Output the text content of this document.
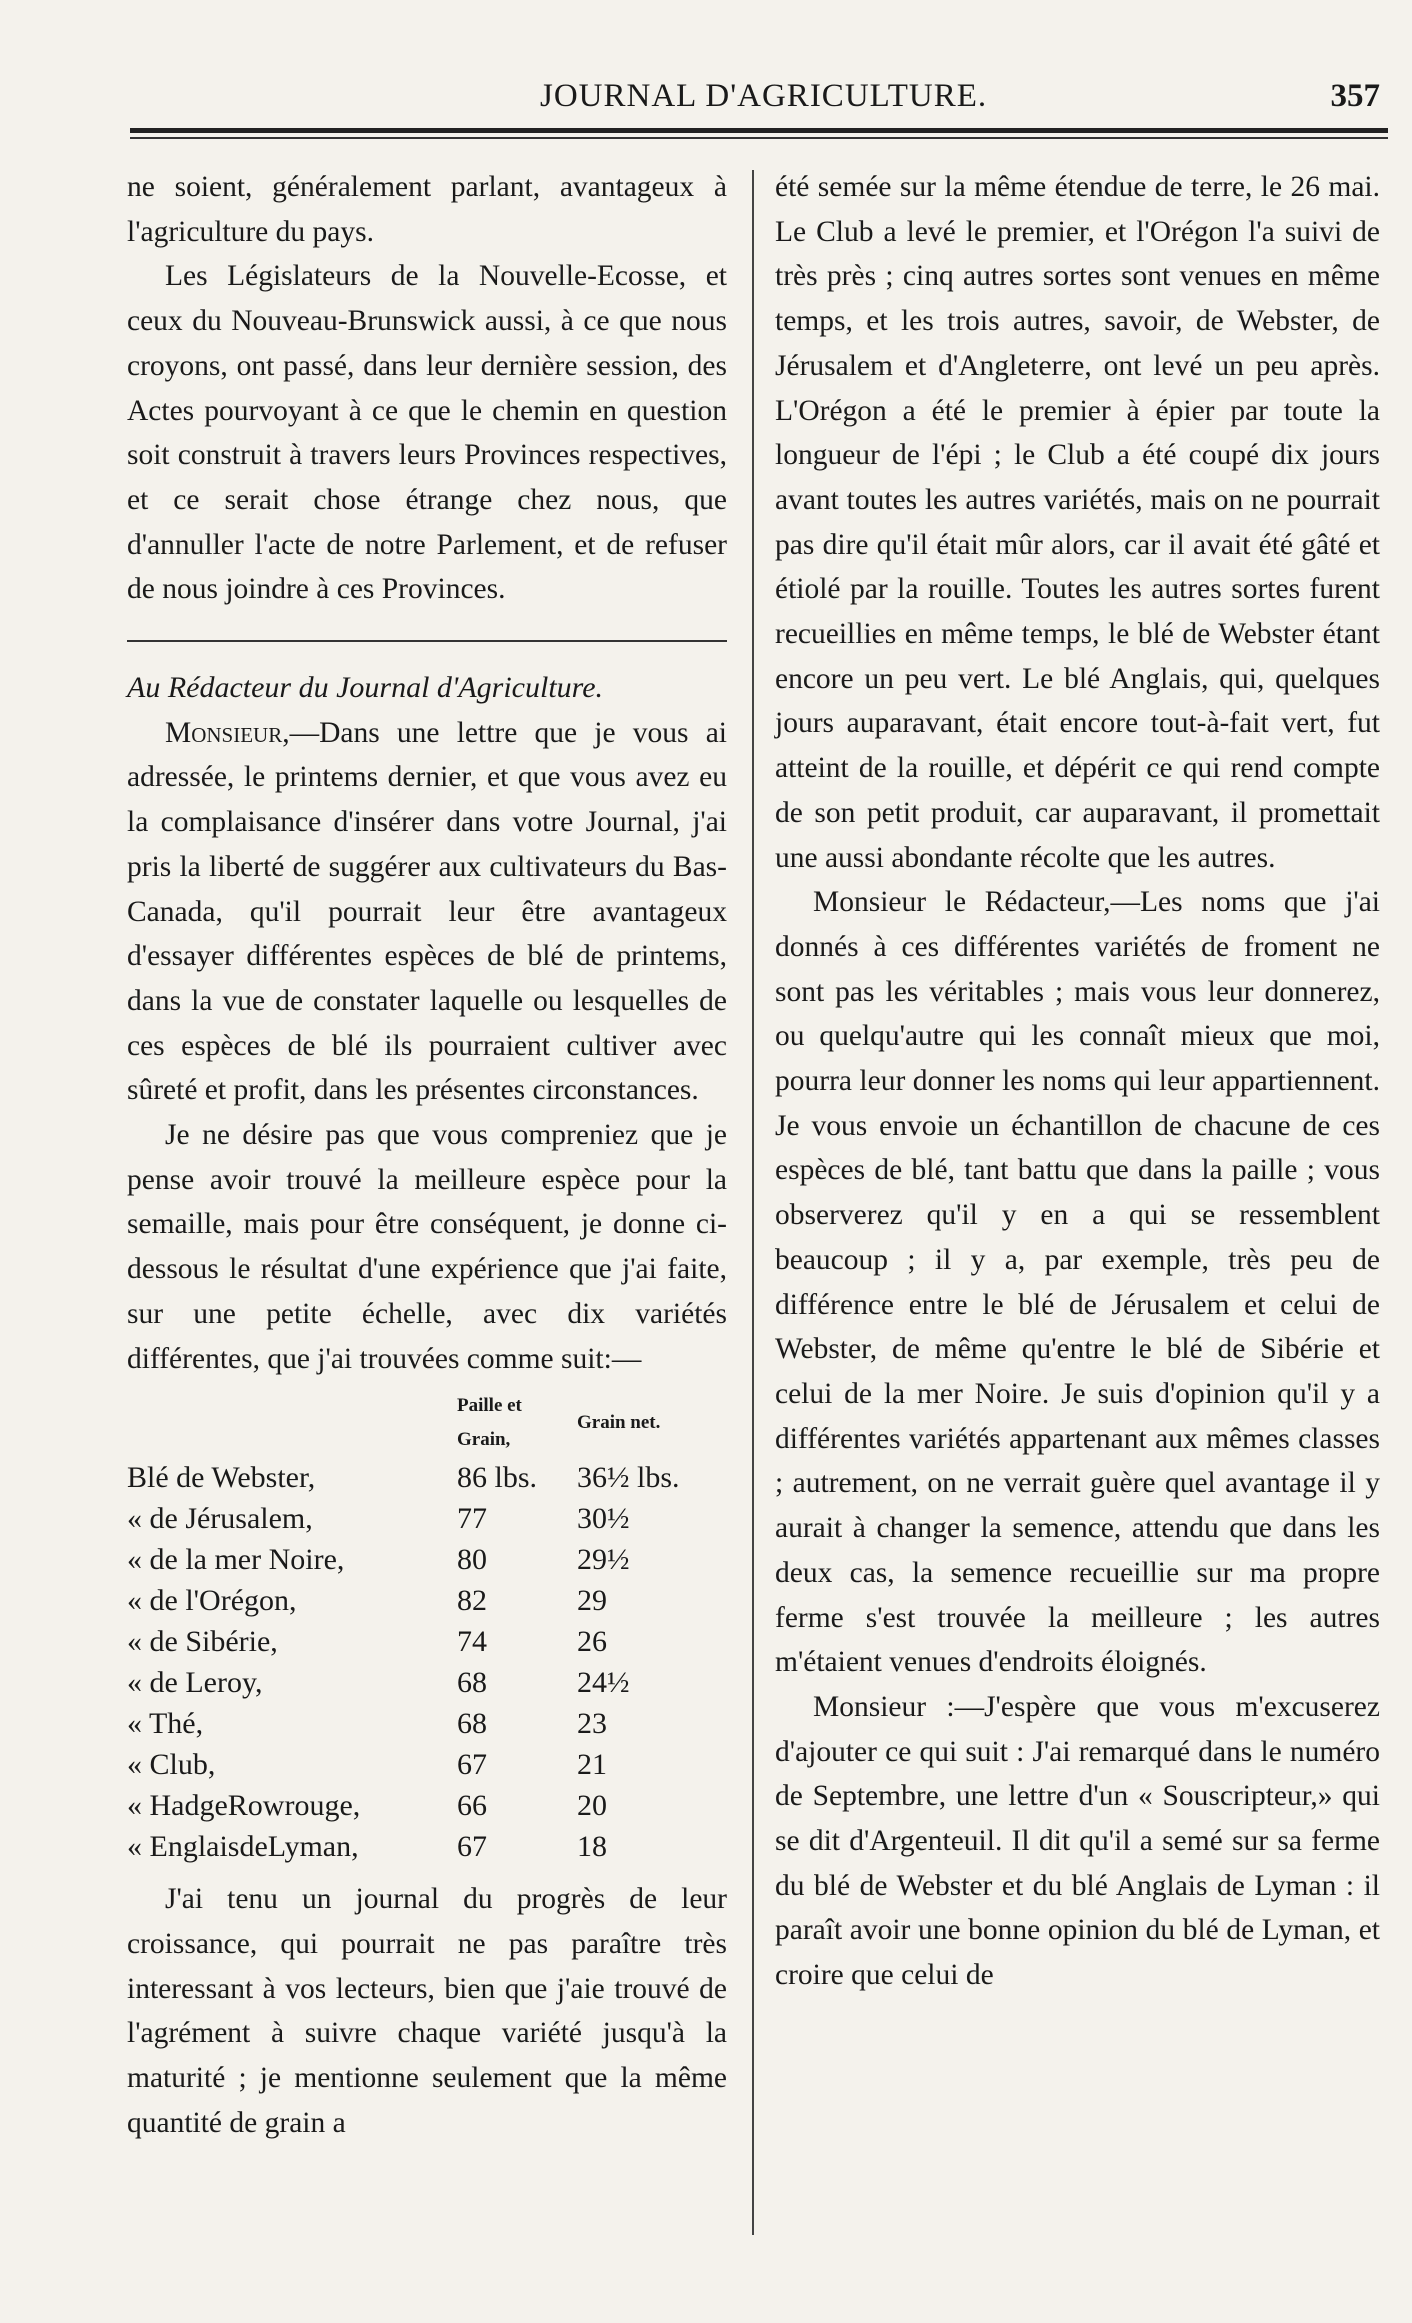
JOURNAL D'AGRICULTURE.	357

ne soient, généralement parlant, avantageux à l'agriculture du pays.

Les Législateurs de la Nouvelle-Ecosse, et ceux du Nouveau-Brunswick aussi, à ce que nous croyons, ont passé, dans leur dernière session, des Actes pourvoyant à ce que le chemin en question soit construit à travers leurs Provinces respectives, et ce serait chose étrange chez nous, que d'annuller l'acte de notre Parlement, et de refuser de nous joindre à ces Provinces.

Au Rédacteur du Journal d'Agriculture.

Monsieur,—Dans une lettre que je vous ai adressée, le printems dernier, et que vous avez eu la complaisance d'insérer dans votre Journal, j'ai pris la liberté de suggérer aux cultivateurs du Bas-Canada, qu'il pourrait leur être avantageux d'essayer différentes espèces de blé de printems, dans la vue de constater laquelle ou lesquelles de ces espèces de blé ils pourraient cultiver avec sûreté et profit, dans les présentes circonstances.

Je ne désire pas que vous compreniez que je pense avoir trouvé la meilleure espèce pour la semaille, mais pour être conséquent, je donne ci-dessous le résultat d'une expérience que j'ai faite, sur une petite échelle, avec dix variétés différentes, que j'ai trouvées comme suit:—

	Paille et Grain,	Grain net.
Blé de Webster,	86 lbs.	36½ lbs.
« de Jérusalem,	77	30½
« de la mer Noire,	80	29½
« de l'Orégon,	82	29
« de Sibérie,	74	26
« de Leroy,	68	24½
« Thé,	68	23
« Club,	67	21
« HadgeRowrouge,	66	20
« EnglaisdeLyman,	67	18

J'ai tenu un journal du progrès de leur croissance, qui pourrait ne pas paraître très interessant à vos lecteurs, bien que j'aie trouvé de l'agrément à suivre chaque variété jusqu'à la maturité ; je mentionne seulement que la même quantité de grain a

été semée sur la même étendue de terre, le 26 mai. Le Club a levé le premier, et l'Orégon l'a suivi de très près ; cinq autres sortes sont venues en même temps, et les trois autres, savoir, de Webster, de Jérusalem et d'Angleterre, ont levé un peu après. L'Orégon a été le premier à épier par toute la longueur de l'épi ; le Club a été coupé dix jours avant toutes les autres variétés, mais on ne pourrait pas dire qu'il était mûr alors, car il avait été gâté et étiolé par la rouille. Toutes les autres sortes furent recueillies en même temps, le blé de Webster étant encore un peu vert. Le blé Anglais, qui, quelques jours auparavant, était encore tout-à-fait vert, fut atteint de la rouille, et dépérit ce qui rend compte de son petit produit, car auparavant, il promettait une aussi abondante récolte que les autres.

Monsieur le Rédacteur,—Les noms que j'ai donnés à ces différentes variétés de froment ne sont pas les véritables ; mais vous leur donnerez, ou quelqu'autre qui les connaît mieux que moi, pourra leur donner les noms qui leur appartiennent. Je vous envoie un échantillon de chacune de ces espèces de blé, tant battu que dans la paille ; vous observerez qu'il y en a qui se ressemblent beaucoup ; il y a, par exemple, très peu de différence entre le blé de Jérusalem et celui de Webster, de même qu'entre le blé de Sibérie et celui de la mer Noire. Je suis d'opinion qu'il y a différentes variétés appartenant aux mêmes classes ; autrement, on ne verrait guère quel avantage il y aurait à changer la semence, attendu que dans les deux cas, la semence recueillie sur ma propre ferme s'est trouvée la meilleure ; les autres m'étaient venues d'endroits éloignés.

Monsieur :—J'espère que vous m'excuserez d'ajouter ce qui suit : J'ai remarqué dans le numéro de Septembre, une lettre d'un « Souscripteur,» qui se dit d'Argenteuil. Il dit qu'il a semé sur sa ferme du blé de Webster et du blé Anglais de Lyman : il paraît avoir une bonne opinion du blé de Lyman, et croire que celui de
